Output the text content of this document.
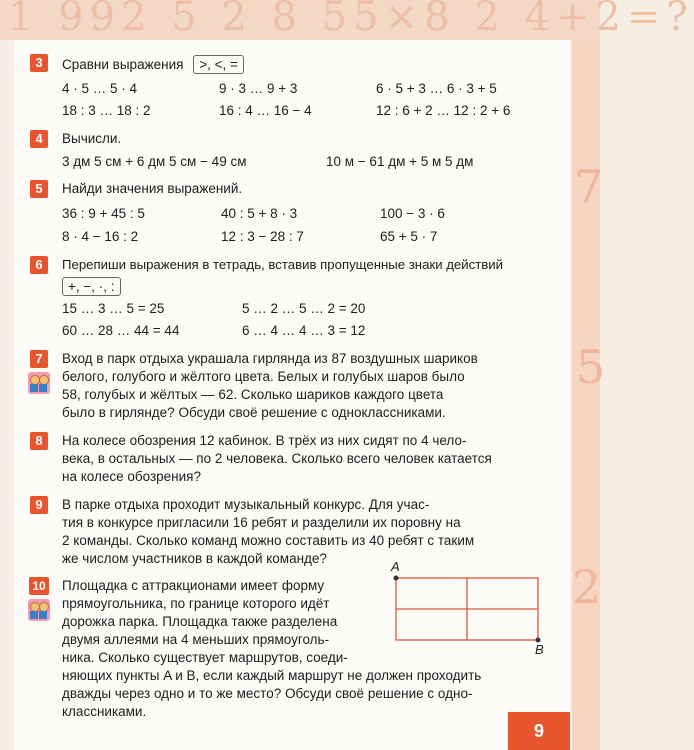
1 992 5 2 8 55×8 2 4+2=?
7
5
2
3	Сравни выражения >, <, =
4 · 5 … 5 · 4	9 · 3 … 9 + 3	6 · 5 + 3 … 6 · 3 + 5
18 : 3 … 18 : 2	16 : 4 … 16 − 4	12 : 6 + 2 … 12 : 2 + 6
4	Вычисли.
3 дм 5 см + 6 дм 5 см − 49 см	10 м − 61 дм + 5 м 5 дм
5	Найди значения выражений.
36 : 9 + 45 : 5	40 : 5 + 8 · 3	100 − 3 · 6
8 · 4 − 16 : 2	12 : 3 − 28 : 7	65 + 5 · 7
6	Перепиши выражения в тетрадь, вставив пропущенные знаки действий
+, −, ·, :
15 … 3 … 5 = 25	5 … 2 … 5 … 2 = 20
60 … 28 … 44 = 44	6 … 4 … 4 … 3 = 12
7	Вход в парк отдыха украшала гирлянда из 87 воздушных шариков
белого, голубого и жёлтого цвета. Белых и голубых шаров было
58, голубых и жёлтых — 62. Сколько шариков каждого цвета
было в гирлянде? Обсуди своё решение с одноклассниками.
8	На колесе обозрения 12 кабинок. В трёх из них сидят по 4 чело-
века, в остальных — по 2 человека. Сколько всего человек катается
на колесе обозрения?
9	В парке отдыха проходит музыкальный конкурс. Для учас-
тия в конкурсе пригласили 16 ребят и разделили их поровну на
2 команды. Сколько команд можно составить из 40 ребят с таким
же числом участников в каждой команде?
10 Площадка с аттракционами имеет форму
прямоугольника, по границе которого идёт
дорожка парка. Площадка также разделена
двумя аллеями на 4 меньших прямоуголь-
ника. Сколько существует маршрутов, соеди-
няющих пункты A и B, если каждый маршрут не должен проходить
дважды через одно и то же место? Обсуди своё решение с одно-
классниками.
A
B
9
